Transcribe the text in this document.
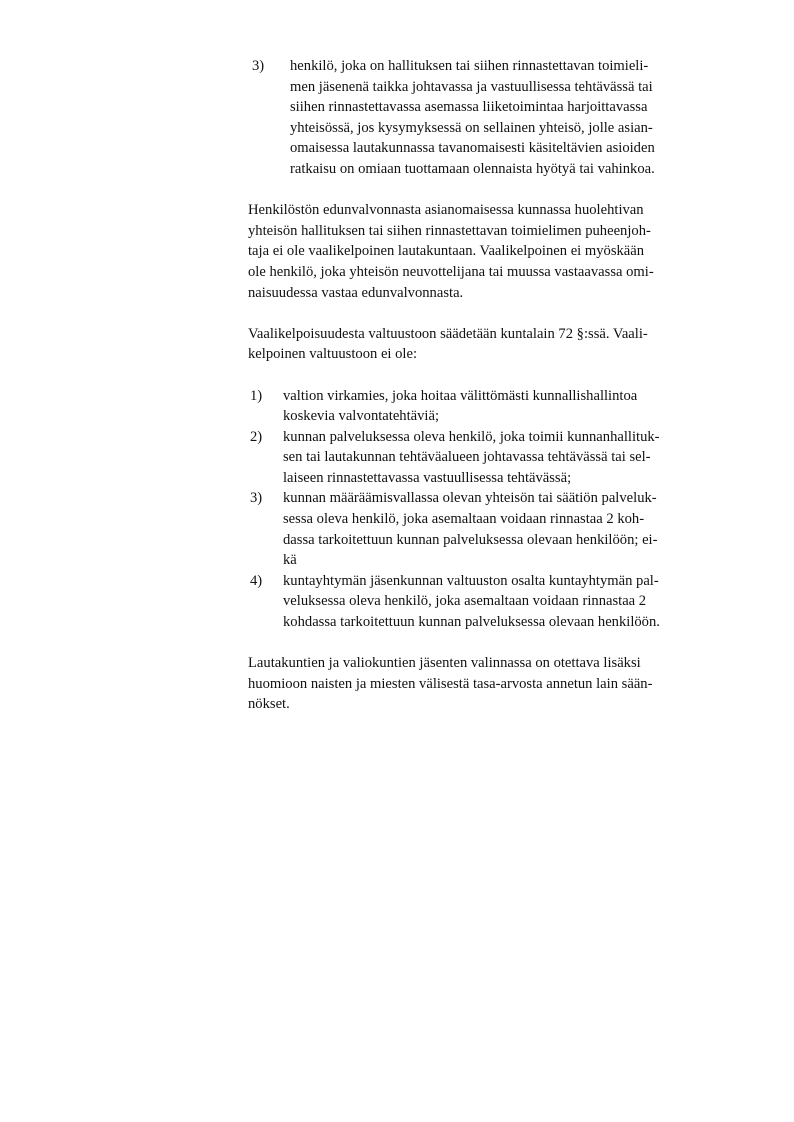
3)	henkilö, joka on hallituksen tai siihen rinnastettavan toimieli-
men jäsenenä taikka johtavassa ja vastuullisessa tehtävässä tai
siihen rinnastettavassa asemassa liiketoimintaa harjoittavassa
yhteisössä, jos kysymyksessä on sellainen yhteisö, jolle asian-
omaisessa lautakunnassa tavanomaisesti käsiteltävien asioiden
ratkaisu on omiaan tuottamaan olennaista hyötyä tai vahinkoa.
Henkilöstön edunvalvonnasta asianomaisessa kunnassa huolehtivan
yhteisön hallituksen tai siihen rinnastettavan toimielimen puheenjoh-
taja ei ole vaalikelpoinen lautakuntaan. Vaalikelpoinen ei myöskään
ole henkilö, joka yhteisön neuvottelijana tai muussa vastaavassa omi-
naisuudessa vastaa edunvalvonnasta.
Vaalikelpoisuudesta valtuustoon säädetään kuntalain 72 §:ssä. Vaali-
kelpoinen valtuustoon ei ole:
1)	valtion virkamies, joka hoitaa välittömästi kunnallishallintoa
koskevia valvontatehtäviä;
2)	kunnan palveluksessa oleva henkilö, joka toimii kunnanhallituk-
sen tai lautakunnan tehtäväalueen johtavassa tehtävässä tai sel-
laiseen rinnastettavassa vastuullisessa tehtävässä;
3)	kunnan määräämisvallassa olevan yhteisön tai säätiön palveluk-
sessa oleva henkilö, joka asemaltaan voidaan rinnastaa 2 koh-
dassa tarkoitettuun kunnan palveluksessa olevaan henkilöön; ei-
kä
4)	kuntayhtymän jäsenkunnan valtuuston osalta kuntayhtymän pal-
veluksessa oleva henkilö, joka asemaltaan voidaan rinnastaa 2
kohdassa tarkoitettuun kunnan palveluksessa olevaan henkilöön.
Lautakuntien ja valiokuntien jäsenten valinnassa on otettava lisäksi
huomioon naisten ja miesten välisestä tasa-arvosta annetun lain sään-
nökset.
